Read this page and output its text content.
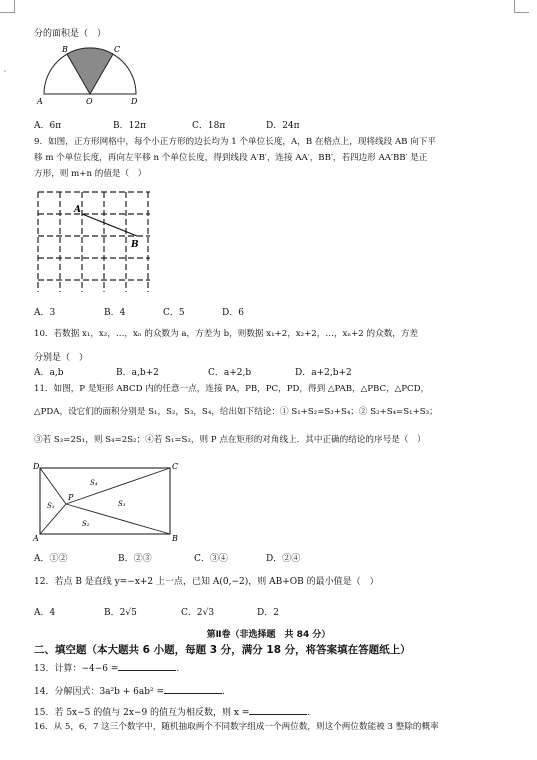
˅
分的面积是（　）
B	C
A	O	D
A．6π	B．12π	C．18π	D．24π
9．如图，正方形网格中，每个小正方形的边长均为 1 个单位长度，A，B 在格点上，现将线段 AB 向下平
移 m 个单位长度，再向左平移 n 个单位长度，得到线段 A′B′，连接 AA′，BB′，若四边形 AA′BB′ 是正
方形，则 m+n 的值是（　）
A
B
A．3	B．4	C．5	D．6
10．若数据 x₁，x₂，…，xₙ 的众数为 a，方差为 b，则数据 x₁+2，x₂+2，…，xₙ+2 的众数，方差
分别是（　）
A．a,b	B．a,b+2	C．a+2,b	D．a+2,b+2
11．如图，P 是矩形 ABCD 内的任意一点，连接 PA，PB，PC，PD，得到 △PAB，△PBC，△PCD，
△PDA，设它们的面积分别是 S₁，S₂，S₃，S₄，给出如下结论：① S₁+S₂=S₃+S₄；② S₂+S₄=S₁+S₃；
③若 S₃=2S₁，则 S₄=2S₂；④若 S₁=S₂，则 P 点在矩形的对角线上．其中正确的结论的序号是（　）
D	C
A	B
P
S₁
S₂
S₃
S₄
A．①②	B．②③	C．③④	D．②④
12．若点 B 是直线 y=−x+2 上一点，已知 A(0,−2)，则 AB+OB 的最小值是（　）
A．4	B．2√5	C．2√3	D．2
第Ⅱ卷（非选择题　共 84 分）
二、填空题（本大题共 6 小题，每题 3 分，满分 18 分，将答案填在答题纸上）
13．计算：−4−6 =	.
14．分解因式：3a²b + 6ab² =	.
15．若 5x−5 的值与 2x−9 的值互为相反数，则 x =	.
16．从 5，6，7 这三个数字中，随机抽取两个不同数字组成一个两位数，则这个两位数能被 3 整除的概率
